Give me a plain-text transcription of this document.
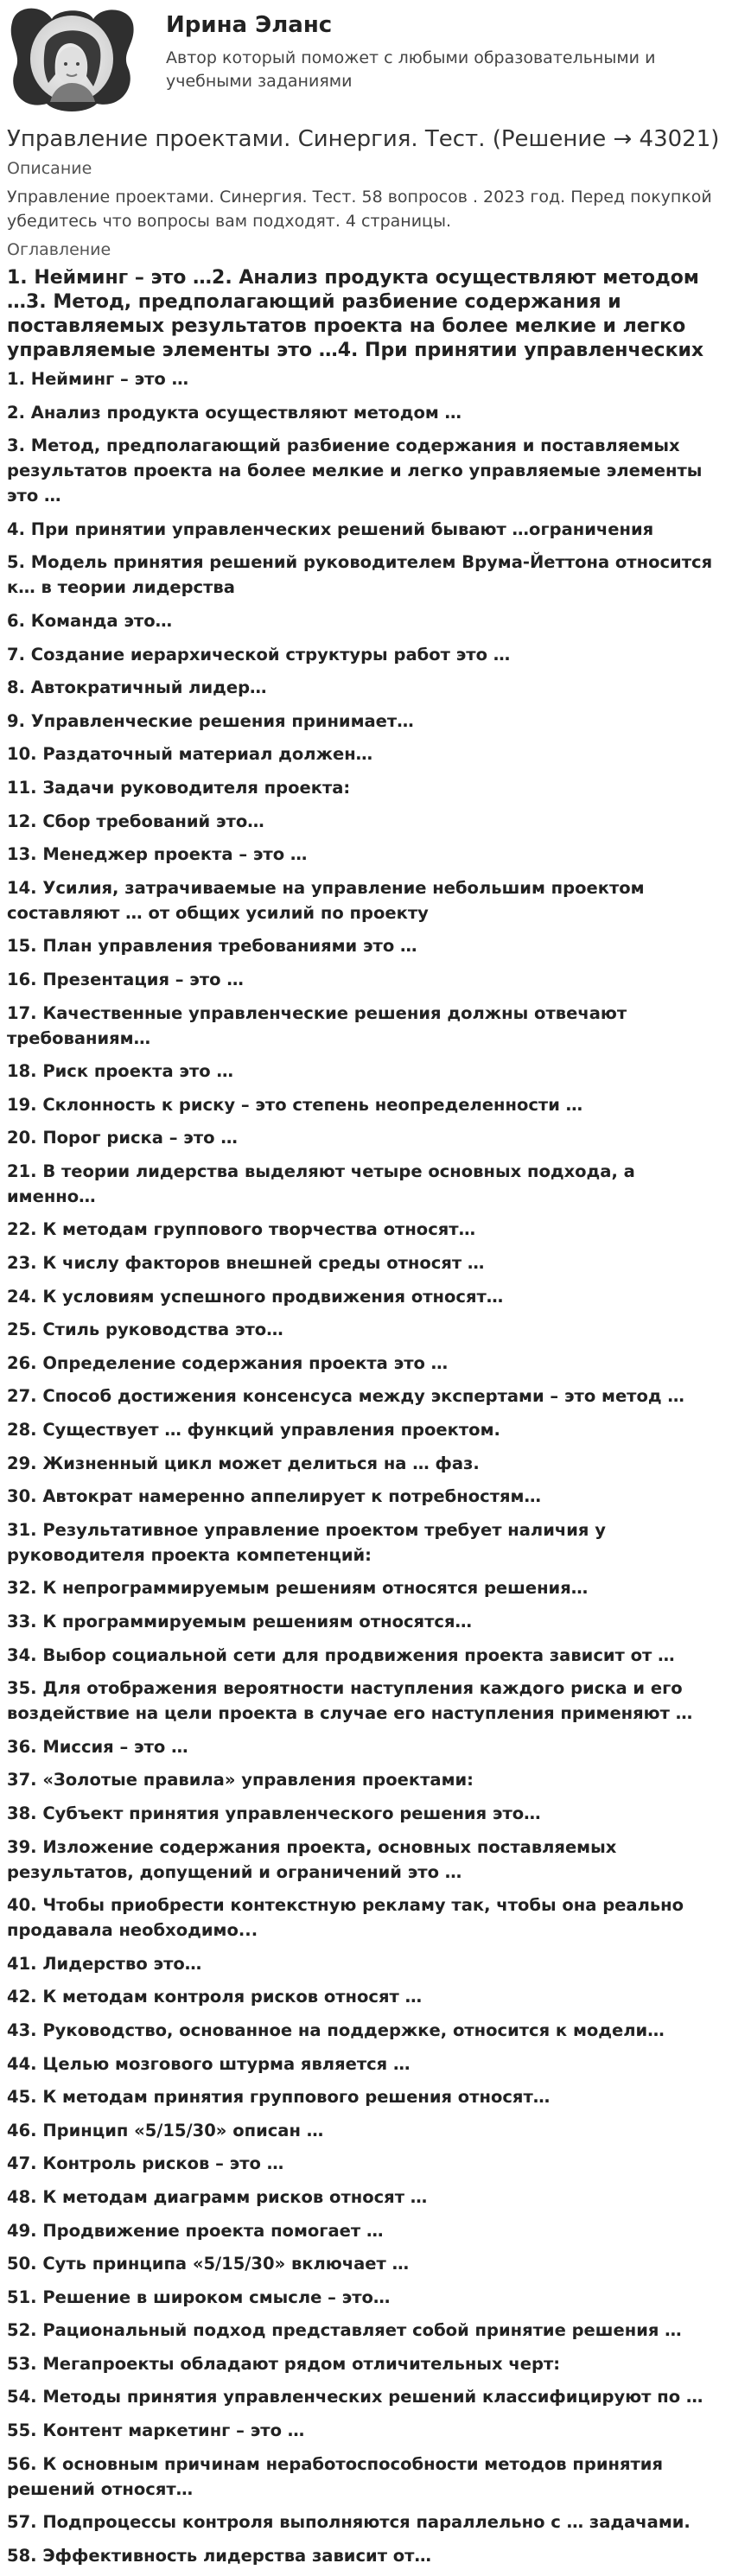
Ирина Эланс
Автор который поможет с любыми образовательными и учебными заданиями
Управление проектами. Синергия. Тест. (Решение → 43021)
Описание
Управление проектами. Синергия. Тест. 58 вопросов . 2023 год. Перед покупкой убедитесь что вопросы вам подходят. 4 страницы.
Оглавление
1. Нейминг – это …2. Анализ продукта осуществляют методом …3. Метод, предполагающий разбиение содержания и поставляемых результатов проекта на более мелкие и легко управляемые элементы это …4. При принятии управленческих
1. Нейминг – это …
2. Анализ продукта осуществляют методом …
3. Метод, предполагающий разбиение содержания и поставляемых результатов проекта на более мелкие и легко управляемые элементы это …
4. При принятии управленческих решений бывают …ограничения
5. Модель принятия решений руководителем Врума-Йеттона относится к… в теории лидерства
6. Команда это…
7. Создание иерархической структуры работ это …
8. Автократичный лидер…
9. Управленческие решения принимает…
10. Раздаточный материал должен…
11. Задачи руководителя проекта:
12. Сбор требований это…
13. Менеджер проекта – это …
14. Усилия, затрачиваемые на управление небольшим проектом составляют … от общих усилий по проекту
15. План управления требованиями это …
16. Презентация – это …
17. Качественные управленческие решения должны отвечают требованиям…
18. Риск проекта это …
19. Склонность к риску – это степень неопределенности …
20. Порог риска – это …
21. В теории лидерства выделяют четыре основных подхода, а именно…
22. К методам группового творчества относят…
23. К числу факторов внешней среды относят …
24. К условиям успешного продвижения относят…
25. Стиль руководства это…
26. Определение содержания проекта это …
27. Способ достижения консенсуса между экспертами – это метод …
28. Существует … функций управления проектом.
29. Жизненный цикл может делиться на … фаз.
30. Автократ намеренно аппелирует к потребностям…
31. Результативное управление проектом требует наличия у руководителя проекта компетенций:
32. К непрограммируемым решениям относятся решения…
33. К программируемым решениям относятся…
34. Выбор социальной сети для продвижения проекта зависит от …
35. Для отображения вероятности наступления каждого риска и его воздействие на цели проекта в случае его наступления применяют …
36. Миссия – это …
37. «Золотые правила» управления проектами:
38. Субъект принятия управленческого решения это…
39. Изложение содержания проекта, основных поставляемых результатов, допущений и ограничений это …
40. Чтобы приобрести контекстную рекламу так, чтобы она реально продавала необходимо...
41. Лидерство это…
42. К методам контроля рисков относят …
43. Руководство, основанное на поддержке, относится к модели…
44. Целью мозгового штурма является …
45. К методам принятия группового решения относят…
46. Принцип «5/15/30» описан …
47. Контроль рисков – это …
48. К методам диаграмм рисков относят …
49. Продвижение проекта помогает …
50. Суть принципа «5/15/30» включает …
51. Решение в широком смысле – это…
52. Рациональный подход представляет собой принятие решения …
53. Мегапроекты обладают рядом отличительных черт:
54. Методы принятия управленческих решений классифицируют по …
55. Контент маркетинг – это …
56. К основным причинам неработоспособности методов принятия решений относят…
57. Подпроцессы контроля выполняются параллельно с … задачами.
58. Эффективность лидерства зависит от…
